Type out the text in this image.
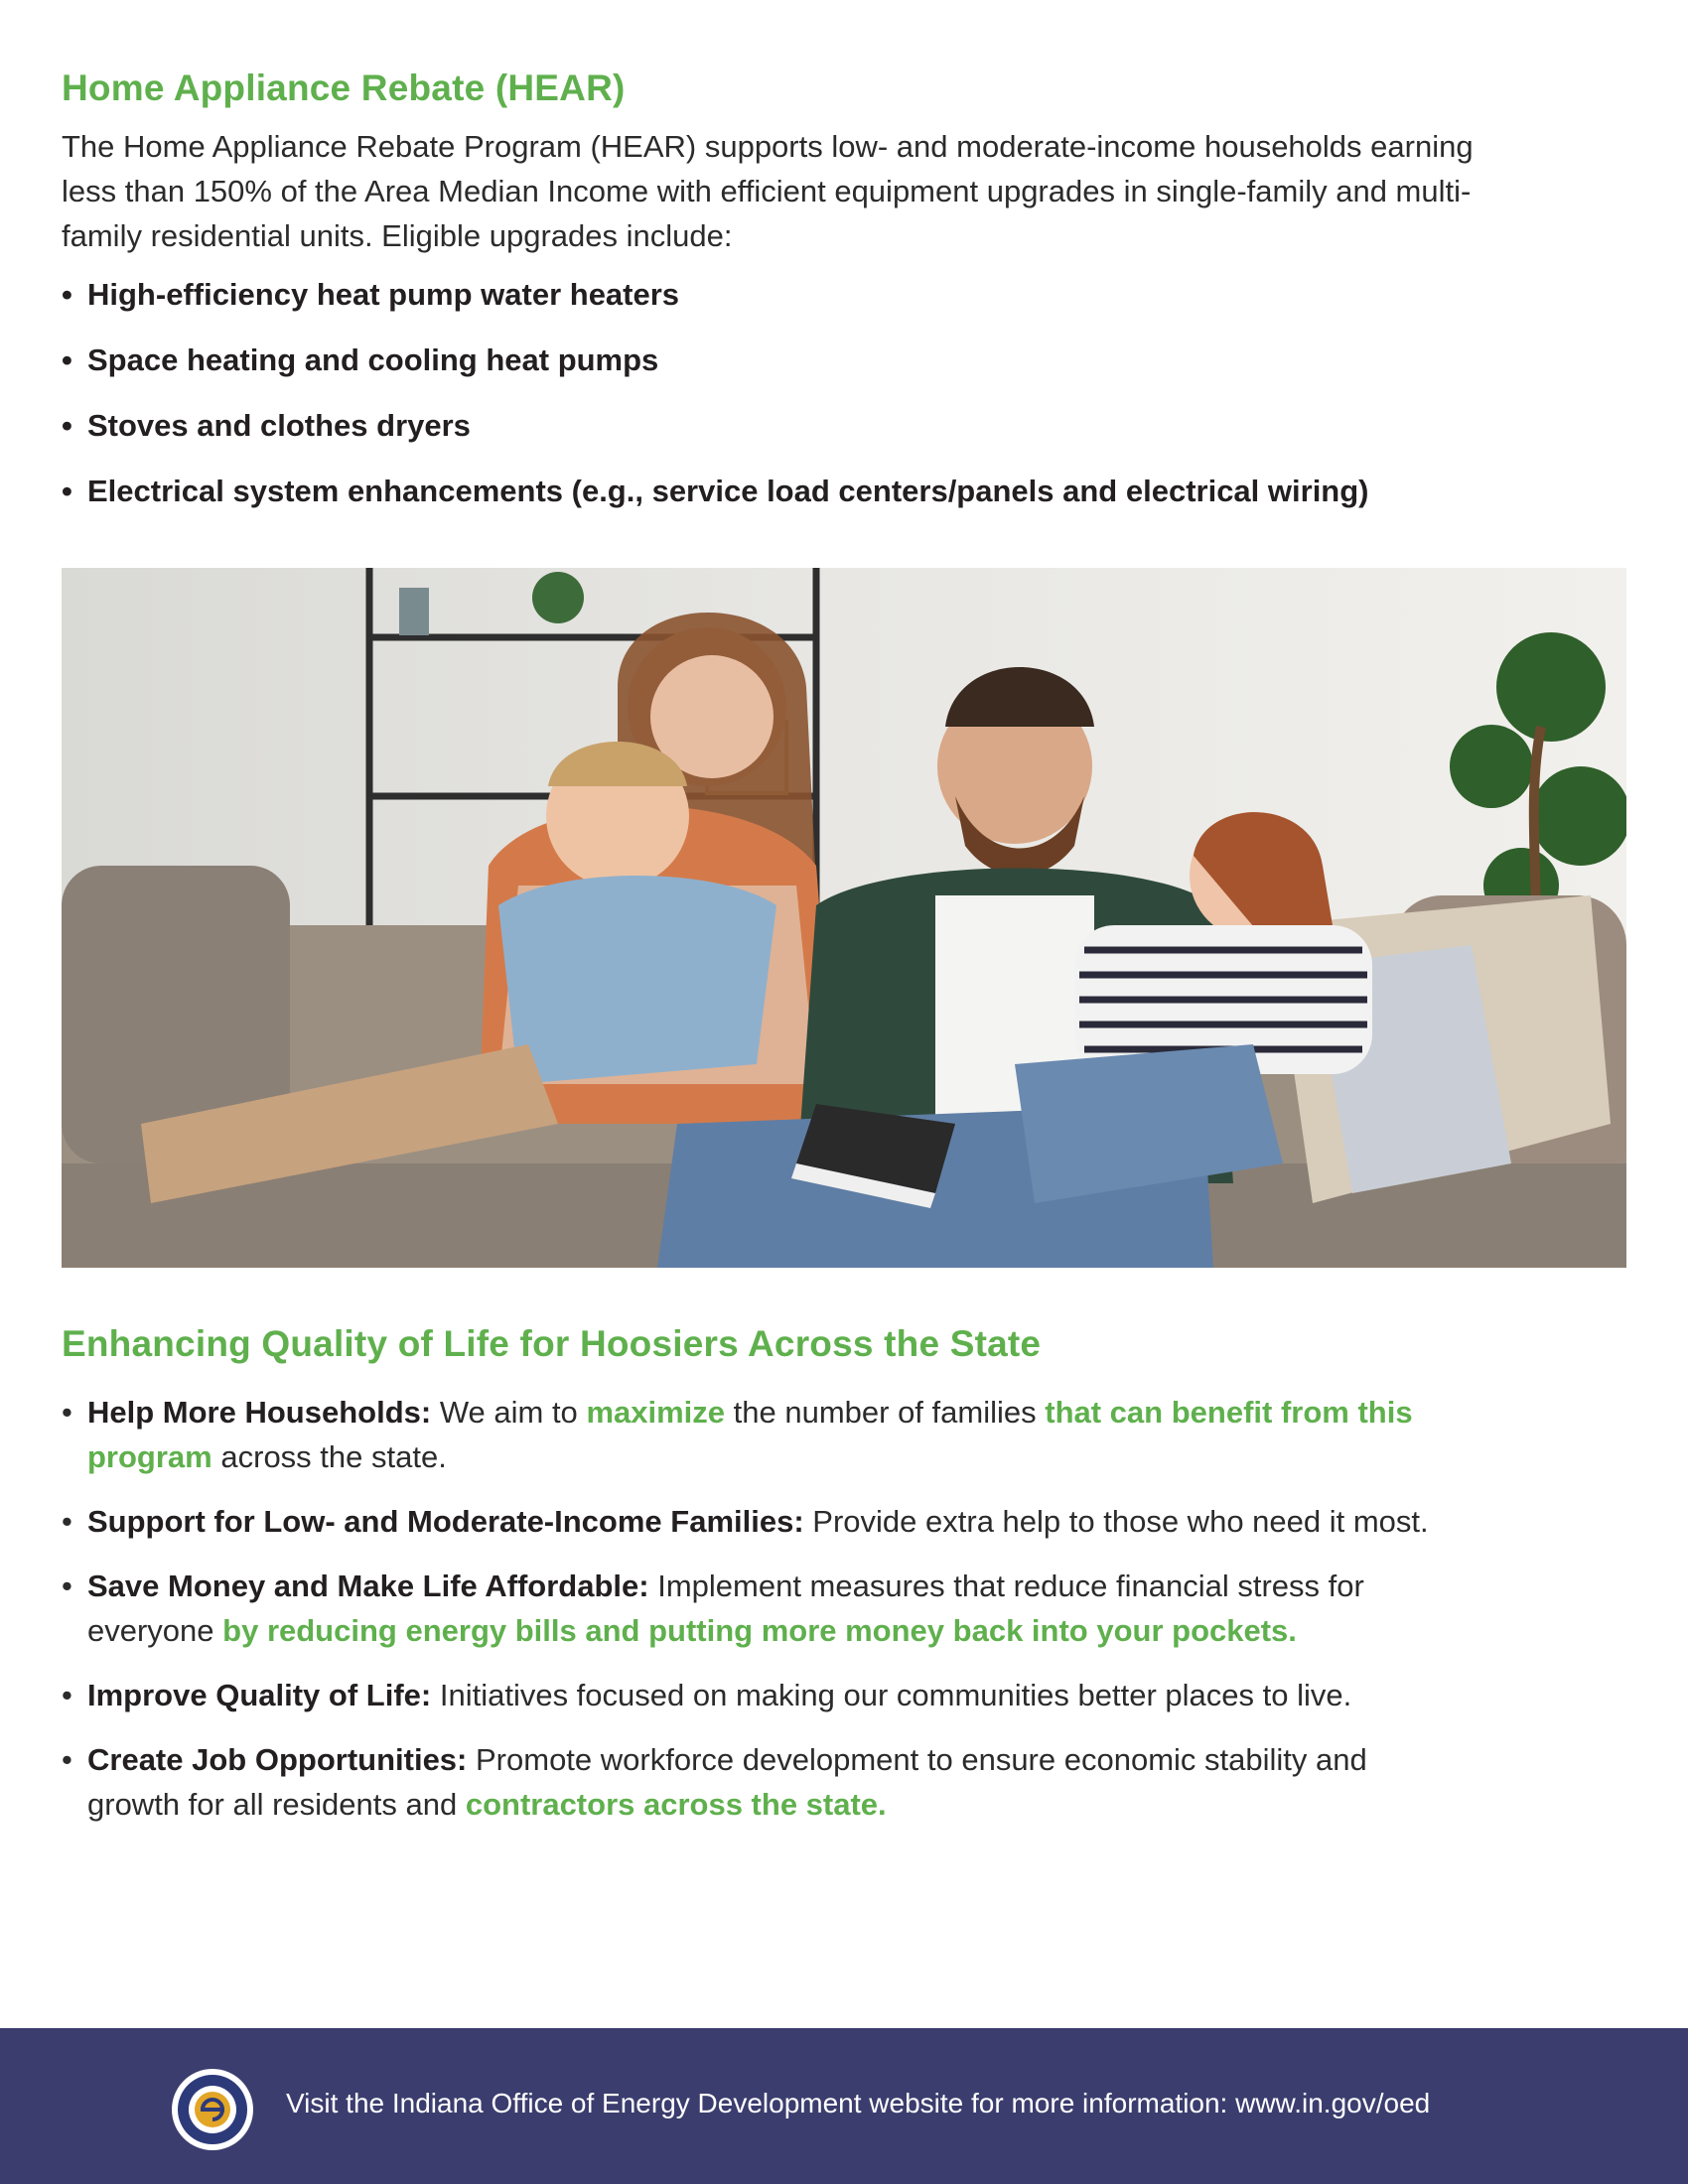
Home Appliance Rebate (HEAR)

The Home Appliance Rebate Program (HEAR) supports low- and moderate-income households earning less than 150% of the Area Median Income with efficient equipment upgrades in single-family and multi-family residential units. Eligible upgrades include:

• High-efficiency heat pump water heaters
• Space heating and cooling heat pumps
• Stoves and clothes dryers
• Electrical system enhancements (e.g., service load centers/panels and electrical wiring)
Enhancing Quality of Life for Hoosiers Across the State
• Help More Households: We aim to maximize the number of families that can benefit from this program across the state.
• Support for Low- and Moderate-Income Families: Provide extra help to those who need it most.
• Save Money and Make Life Affordable: Implement measures that reduce financial stress for everyone by reducing energy bills and putting more money back into your pockets.
• Improve Quality of Life: Initiatives focused on making our communities better places to live.
• Create Job Opportunities: Promote workforce development to ensure economic stability and growth for all residents and contractors across the state.
Visit the Indiana Office of Energy Development website for more information: www.in.gov/oed
